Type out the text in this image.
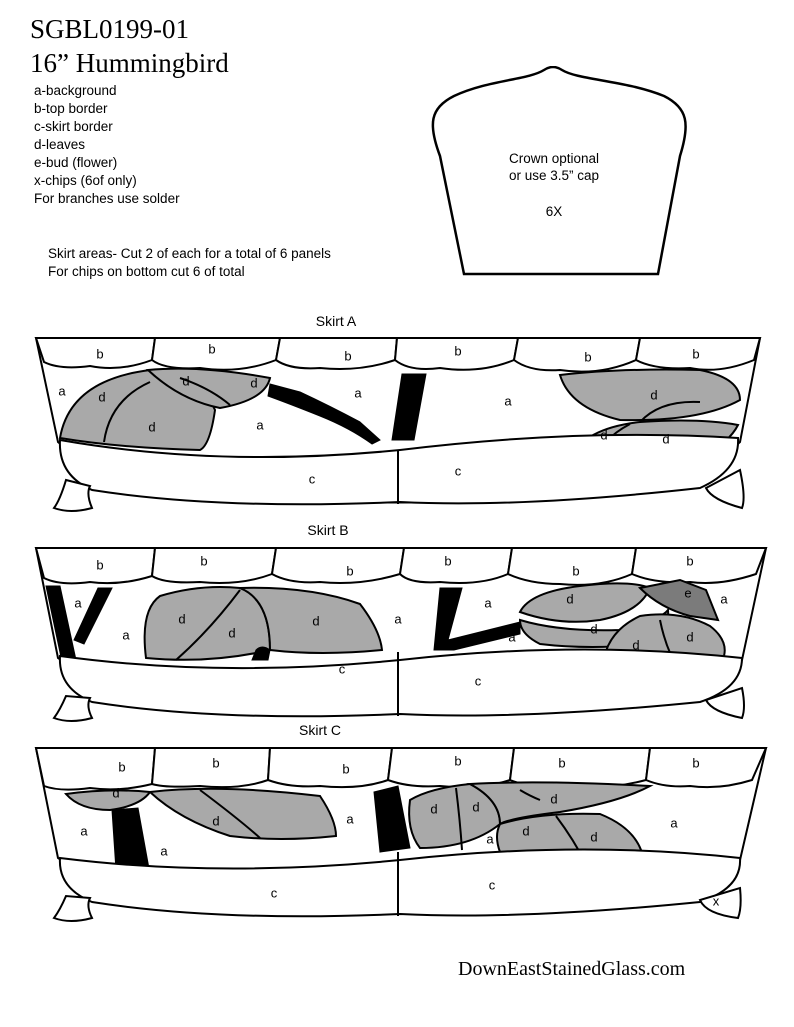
SGBL0199-01
16” Hummingbird
a-background
b-top border
c-skirt border
d-leaves
e-bud (flower)
x-chips (6of only)
For branches use solder
Skirt areas- Cut 2 of each for a total of 6 panels
For chips on bottom cut 6 of total
Crown optional
or use 3.5” cap
6X
Skirt A
b	b	b	b	b	b
a	d
d	d
d	a
a
a	d
d	d
c
c
Skirt B
b	b
b
b
b
b
a
a
d
d
d	a
a
a
d
d
d
e a
d
c
c
Skirt C
b	b	b
b	b	b
d
d
a
a
a
d	d
a
d
d
d
a
c
c
x
DownEastStainedGlass.com
